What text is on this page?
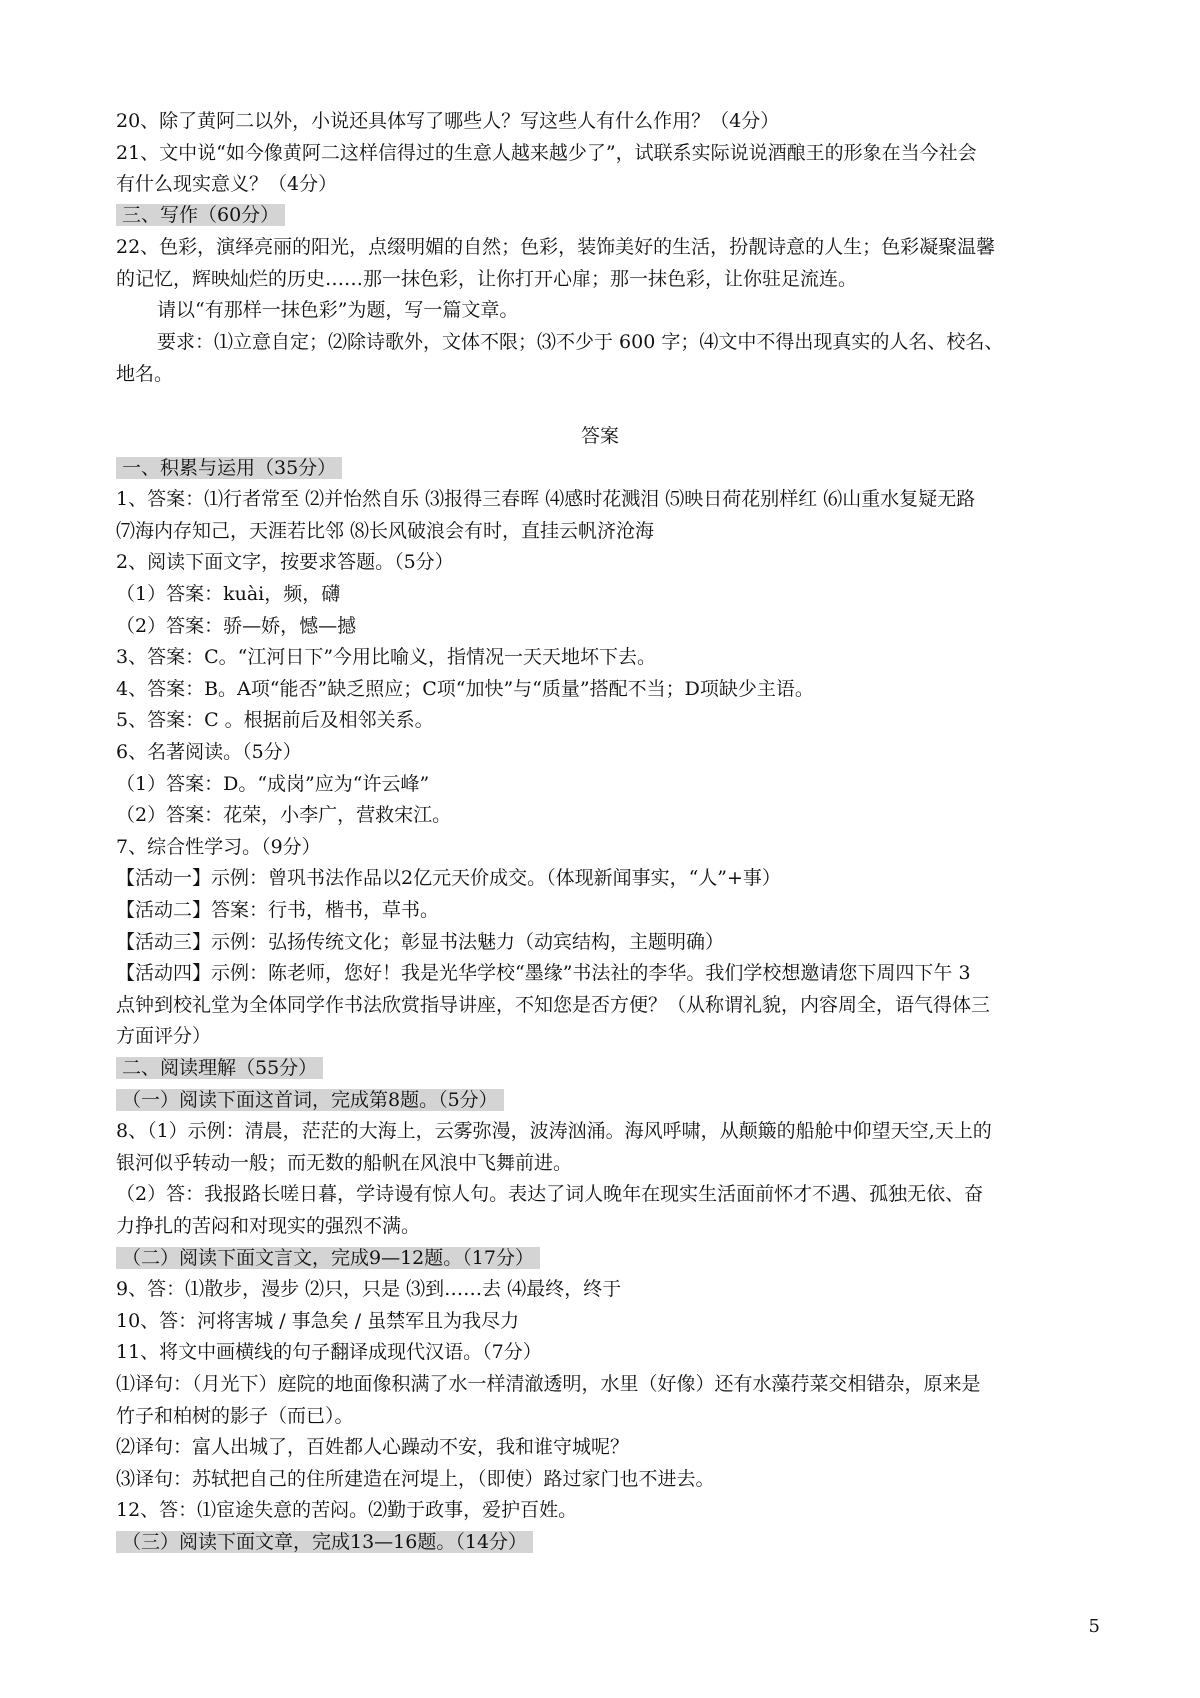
20、除了黄阿二以外，小说还具体写了哪些人？写这些人有什么作用？（4分）
21、文中说“如今像黄阿二这样信得过的生意人越来越少了”，试联系实际说说酒酿王的形象在当今社会
有什么现实意义？（4分）
三、写作（60分）
22、色彩，演绎亮丽的阳光，点缀明媚的自然；色彩，装饰美好的生活，扮靓诗意的人生；色彩凝聚温馨
的记忆，辉映灿烂的历史……那一抹色彩，让你打开心扉；那一抹色彩，让你驻足流连。
请以“有那样一抹色彩”为题，写一篇文章。
要求：⑴立意自定；⑵除诗歌外，文体不限；⑶不少于 600 字；⑷文中不得出现真实的人名、校名、
地名。
答案
一、积累与运用（35分）
1、答案：⑴行者常至 ⑵并怡然自乐 ⑶报得三春晖 ⑷感时花溅泪 ⑸映日荷花别样红 ⑹山重水复疑无路
⑺海内存知己，天涯若比邻 ⑻长风破浪会有时，直挂云帆济沧海
2、阅读下面文字，按要求答题。（5分）
（1）答案：kuài，频，礴
（2）答案：骄—娇，憾—撼
3、答案：C。“江河日下”今用比喻义，指情况一天天地坏下去。
4、答案：B。A项“能否”缺乏照应；C项“加快”与“质量”搭配不当；D项缺少主语。
5、答案：C 。根据前后及相邻关系。
6、名著阅读。（5分）
（1）答案：D。“成岗”应为“许云峰”
（2）答案：花荣，小李广，营救宋江。
7、综合性学习。（9分）
【活动一】示例：曾巩书法作品以2亿元天价成交。（体现新闻事实，“人”+事）
【活动二】答案：行书，楷书，草书。
【活动三】示例：弘扬传统文化；彰显书法魅力（动宾结构，主题明确）
【活动四】示例：陈老师，您好！我是光华学校“墨缘”书法社的李华。我们学校想邀请您下周四下午 3
点钟到校礼堂为全体同学作书法欣赏指导讲座，不知您是否方便？（从称谓礼貌，内容周全，语气得体三
方面评分）
二、阅读理解（55分）
（一）阅读下面这首词，完成第8题。（5分）
8、（1）示例：清晨，茫茫的大海上，云雾弥漫，波涛汹涌。海风呼啸，从颠簸的船舱中仰望天空,天上的
银河似乎转动一般；而无数的船帆在风浪中飞舞前进。
（2）答：我报路长嗟日暮，学诗谩有惊人句。表达了词人晚年在现实生活面前怀才不遇、孤独无依、奋
力挣扎的苦闷和对现实的强烈不满。
（二）阅读下面文言文，完成9—12题。（17分）
9、答：⑴散步，漫步 ⑵只，只是 ⑶到……去 ⑷最终，终于
10、答：河将害城 / 事急矣 / 虽禁军且为我尽力
11、将文中画横线的句子翻译成现代汉语。（7分）
⑴译句：（月光下）庭院的地面像积满了水一样清澈透明，水里（好像）还有水藻荇菜交相错杂，原来是
竹子和柏树的影子（而已）。
⑵译句：富人出城了，百姓都人心躁动不安，我和谁守城呢？
⑶译句：苏轼把自己的住所建造在河堤上，（即使）路过家门也不进去。
12、答：⑴宦途失意的苦闷。⑵勤于政事，爱护百姓。
（三）阅读下面文章，完成13—16题。（14分）
5
